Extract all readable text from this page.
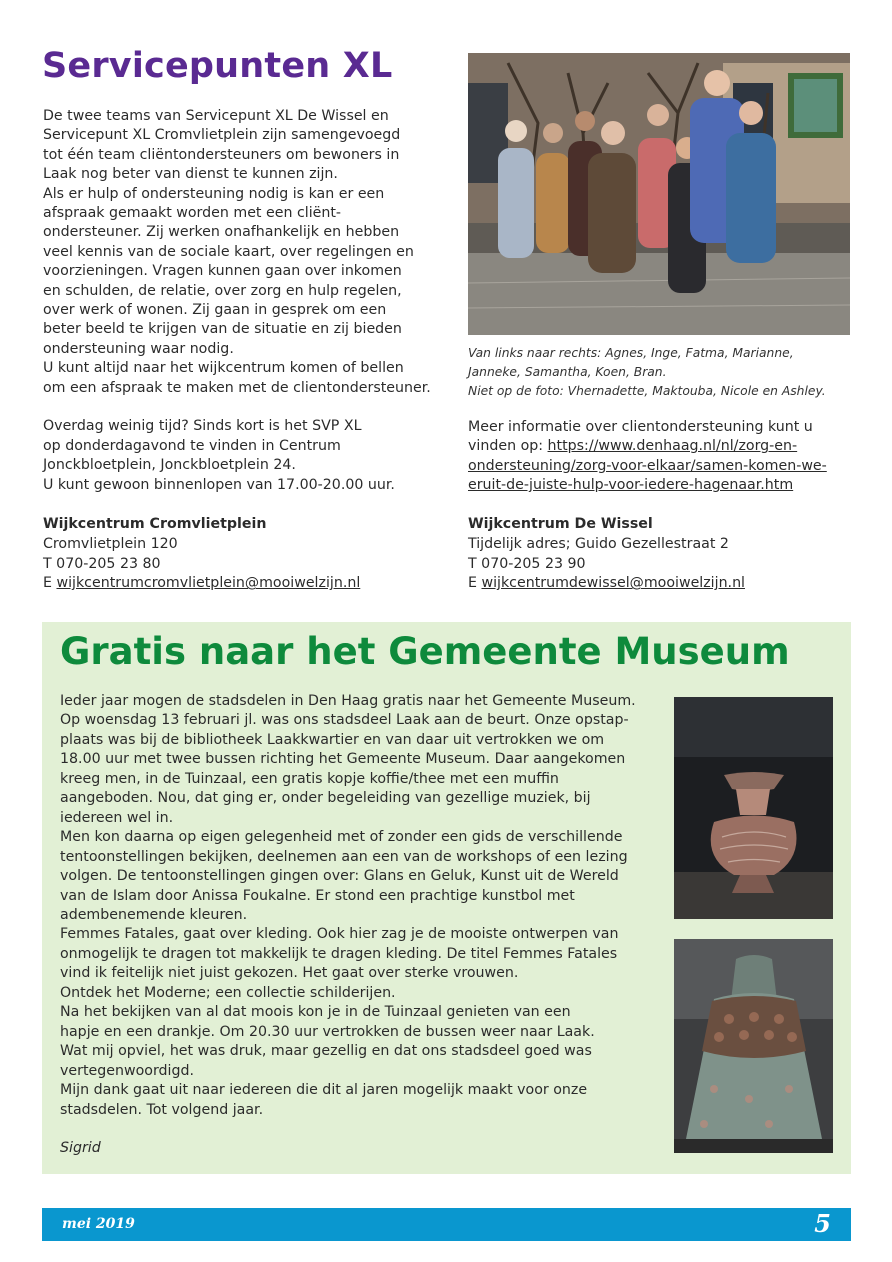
Servicepunten XL

De twee teams van Servicepunt XL De Wissel en

Servicepunt XL Cromvlietplein zijn samengevoegd

tot één team cliëntondersteuners om bewoners in

Laak nog beter van dienst te kunnen zijn.

Als er hulp of ondersteuning nodig is kan er een

afspraak gemaakt worden met een cliënt-

ondersteuner. Zij werken onafhankelijk en hebben

veel kennis van de sociale kaart, over regelingen en

voorzieningen. Vragen kunnen gaan over inkomen

en schulden, de relatie, over zorg en hulp regelen,

over werk of wonen. Zij gaan in gesprek om een

beter beeld te krijgen van de situatie en zij bieden

ondersteuning waar nodig.

U kunt altijd naar het wijkcentrum komen of bellen

om een afspraak te maken met de clientondersteuner.

Overdag weinig tijd? Sinds kort is het SVP XL

op donderdagavond te vinden in Centrum

Jonckbloetplein, Jonckbloetplein 24.

U kunt gewoon binnenlopen van 17.00-20.00 uur.

Van links naar rechts: Agnes, Inge, Fatma, Marianne,
Janneke, Samantha, Koen, Bran.
Niet op de foto: Vhernadette, Maktouba, Nicole en Ashley.

Meer informatie over clientondersteuning kunt u

vinden op: https://www.denhaag.nl/nl/zorg-en-

ondersteuning/zorg-voor-elkaar/samen-komen-we-

eruit-de-juiste-hulp-voor-iedere-hagenaar.htm

Wijkcentrum Cromvlietplein
Cromvlietplein 120
T 070-205 23 80
E wijkcentrumcromvlietplein@mooiwelzijn.nl
Wijkcentrum De Wissel
Tijdelijk adres; Guido Gezellestraat 2
T 070-205 23 90
E wijkcentrumdewissel@mooiwelzijn.nl
Gratis naar het Gemeente Museum

Ieder jaar mogen de stadsdelen in Den Haag gratis naar het Gemeente Museum.

Op woensdag 13 februari jl. was ons stadsdeel Laak aan de beurt. Onze opstap-

plaats was bij de bibliotheek Laakkwartier en van daar uit vertrokken we om

18.00 uur met twee bussen richting het Gemeente Museum. Daar aangekomen

kreeg men, in de Tuinzaal, een gratis kopje koffie/thee met een muffin

aangeboden. Nou, dat ging er, onder begeleiding van gezellige muziek, bij

iedereen wel in.

Men kon daarna op eigen gelegenheid met of zonder een gids de verschillende

tentoonstellingen bekijken, deelnemen aan een van de workshops of een lezing

volgen. De tentoonstellingen gingen over: Glans en Geluk, Kunst uit de Wereld

van de Islam door Anissa Foukalne. Er stond een prachtige kunstbol met

adembenemende kleuren.

Femmes Fatales, gaat over kleding. Ook hier zag je de mooiste ontwerpen van

onmogelijk te dragen tot makkelijk te dragen kleding. De titel Femmes Fatales

vind ik feitelijk niet juist gekozen. Het gaat over sterke vrouwen.

Ontdek het Moderne; een collectie schilderijen.

Na het bekijken van al dat moois kon je in de Tuinzaal genieten van een

hapje en een drankje. Om 20.30 uur vertrokken de bussen weer naar Laak.

Wat mij opviel, het was druk, maar gezellig en dat ons stadsdeel goed was

vertegenwoordigd.

Mijn dank gaat uit naar iedereen die dit al jaren mogelijk maakt voor onze

stadsdelen. Tot volgend jaar.

Sigrid

mei 2019	5
